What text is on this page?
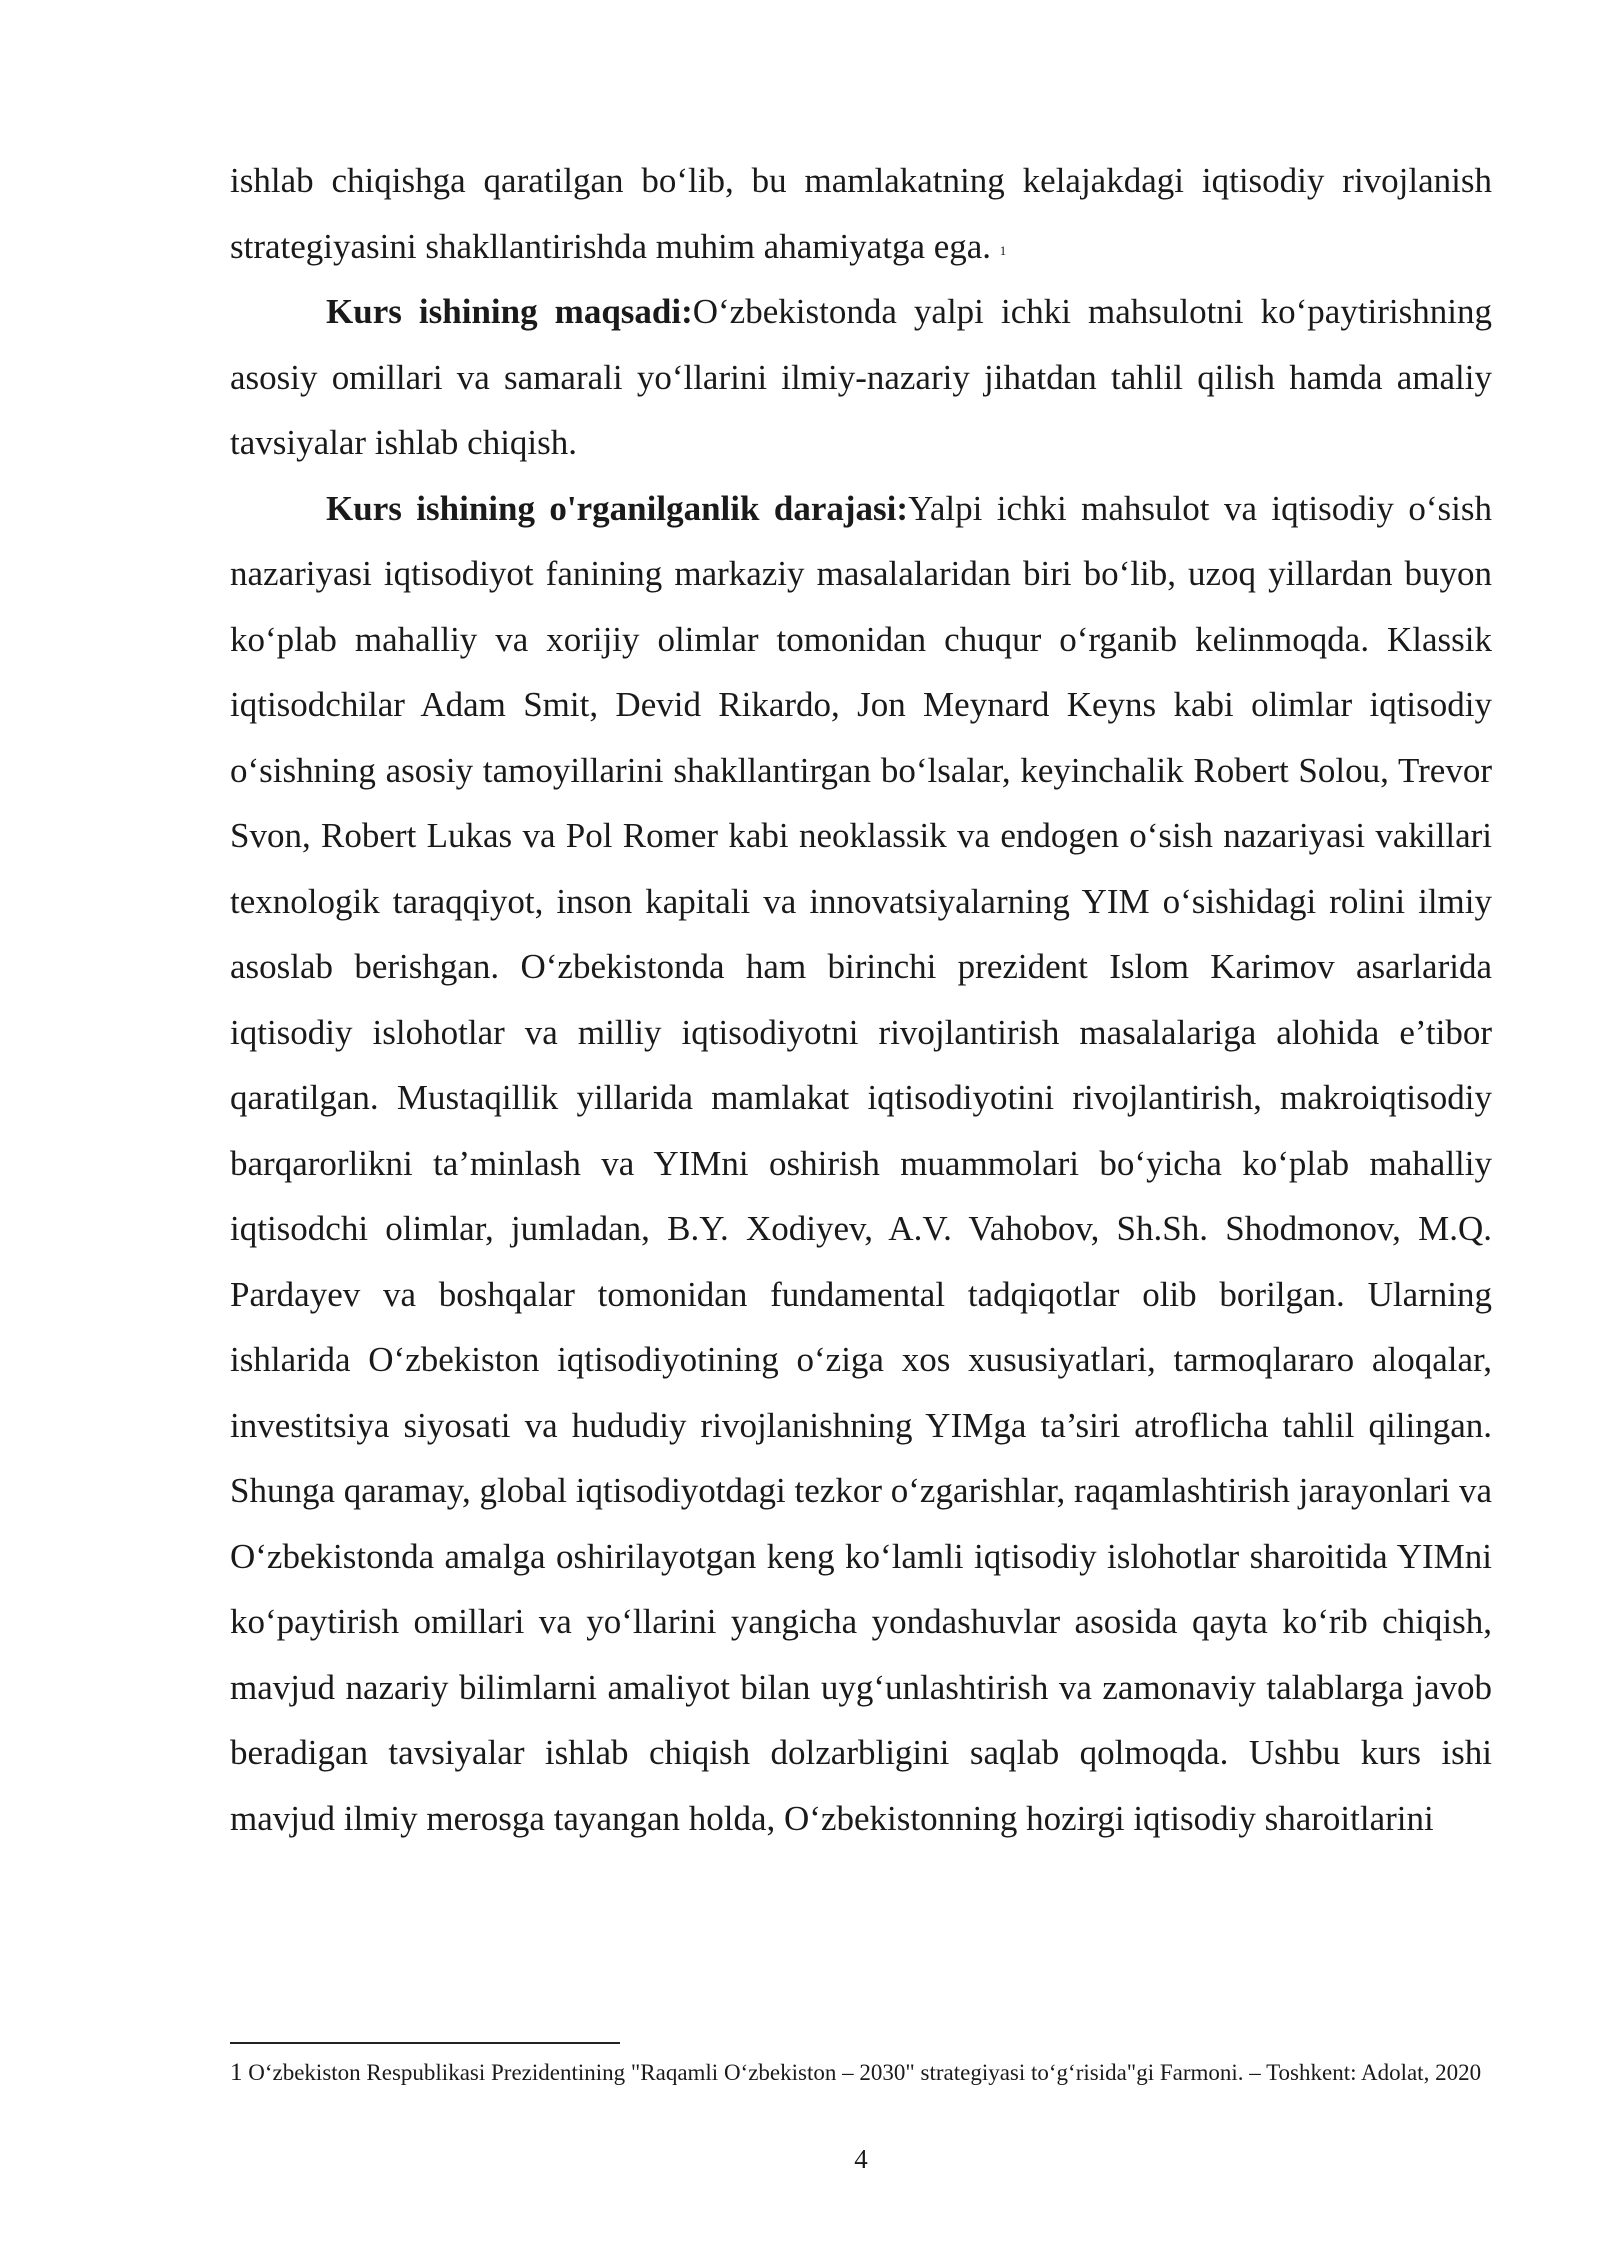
ishlab chiqishga qaratilgan bo‘lib, bu mamlakatning kelajakdagi iqtisodiy rivojlanish strategiyasini shakllantirishda muhim ahamiyatga ega. $^1$

Kurs ishining maqsadi:O‘zbekistonda yalpi ichki mahsulotni ko‘paytirishning asosiy omillari va samarali yo‘llarini ilmiy-nazariy jihatdan tahlil qilish hamda amaliy tavsiyalar ishlab chiqish.

Kurs ishining o'rganilganlik darajasi:Yalpi ichki mahsulot va iqtisodiy o‘sish nazariyasi iqtisodiyot fanining markaziy masalalaridan biri bo‘lib, uzoq yillardan buyon ko‘plab mahalliy va xorijiy olimlar tomonidan chuqur o‘rganib kelinmoqda. Klassik iqtisodchilar Adam Smit, Devid Rikardo, Jon Meynard Keyns kabi olimlar iqtisodiy o‘sishning asosiy tamoyillarini shakllantirgan bo‘lsalar, keyinchalik Robert Solou, Trevor Svon, Robert Lukas va Pol Romer kabi neoklassik va endogen o‘sish nazariyasi vakillari texnologik taraqqiyot, inson kapitali va innovatsiyalarning YIM o‘sishidagi rolini ilmiy asoslab berishgan. O‘zbekistonda ham birinchi prezident Islom Karimov asarlarida iqtisodiy islohotlar va milliy iqtisodiyotni rivojlantirish masalalariga alohida e’tibor qaratilgan. Mustaqillik yillarida mamlakat iqtisodiyotini rivojlantirish, makroiqtisodiy barqarorlikni ta’minlash va YIMni oshirish muammolari bo‘yicha ko‘plab mahalliy iqtisodchi olimlar, jumladan, B.Y. Xodiyev, A.V. Vahobov, Sh.Sh. Shodmonov, M.Q. Pardayev va boshqalar tomonidan fundamental tadqiqotlar olib borilgan. Ularning ishlarida O‘zbekiston iqtisodiyotining o‘ziga xos xususiyatlari, tarmoqlararo aloqalar, investitsiya siyosati va hududiy rivojlanishning YIMga ta’siri atroflicha tahlil qilingan. Shunga qaramay, global iqtisodiyotdagi tezkor o‘zgarishlar, raqamlashtirish jarayonlari va O‘zbekistonda amalga oshirilayotgan keng ko‘lamli iqtisodiy islohotlar sharoitida YIMni ko‘paytirish omillari va yo‘llarini yangicha yondashuvlar asosida qayta ko‘rib chiqish, mavjud nazariy bilimlarni amaliyot bilan uyg‘unlashtirish va zamonaviy talablarga javob beradigan tavsiyalar ishlab chiqish dolzarbligini saqlab qolmoqda. Ushbu kurs ishi mavjud ilmiy merosga tayangan holda, O‘zbekistonning hozirgi iqtisodiy sharoitlarini

1 O‘zbekiston Respublikasi Prezidentining "Raqamli O‘zbekiston – 2030" strategiyasi to‘g‘risida"gi Farmoni. – Toshkent: Adolat, 2020
4
